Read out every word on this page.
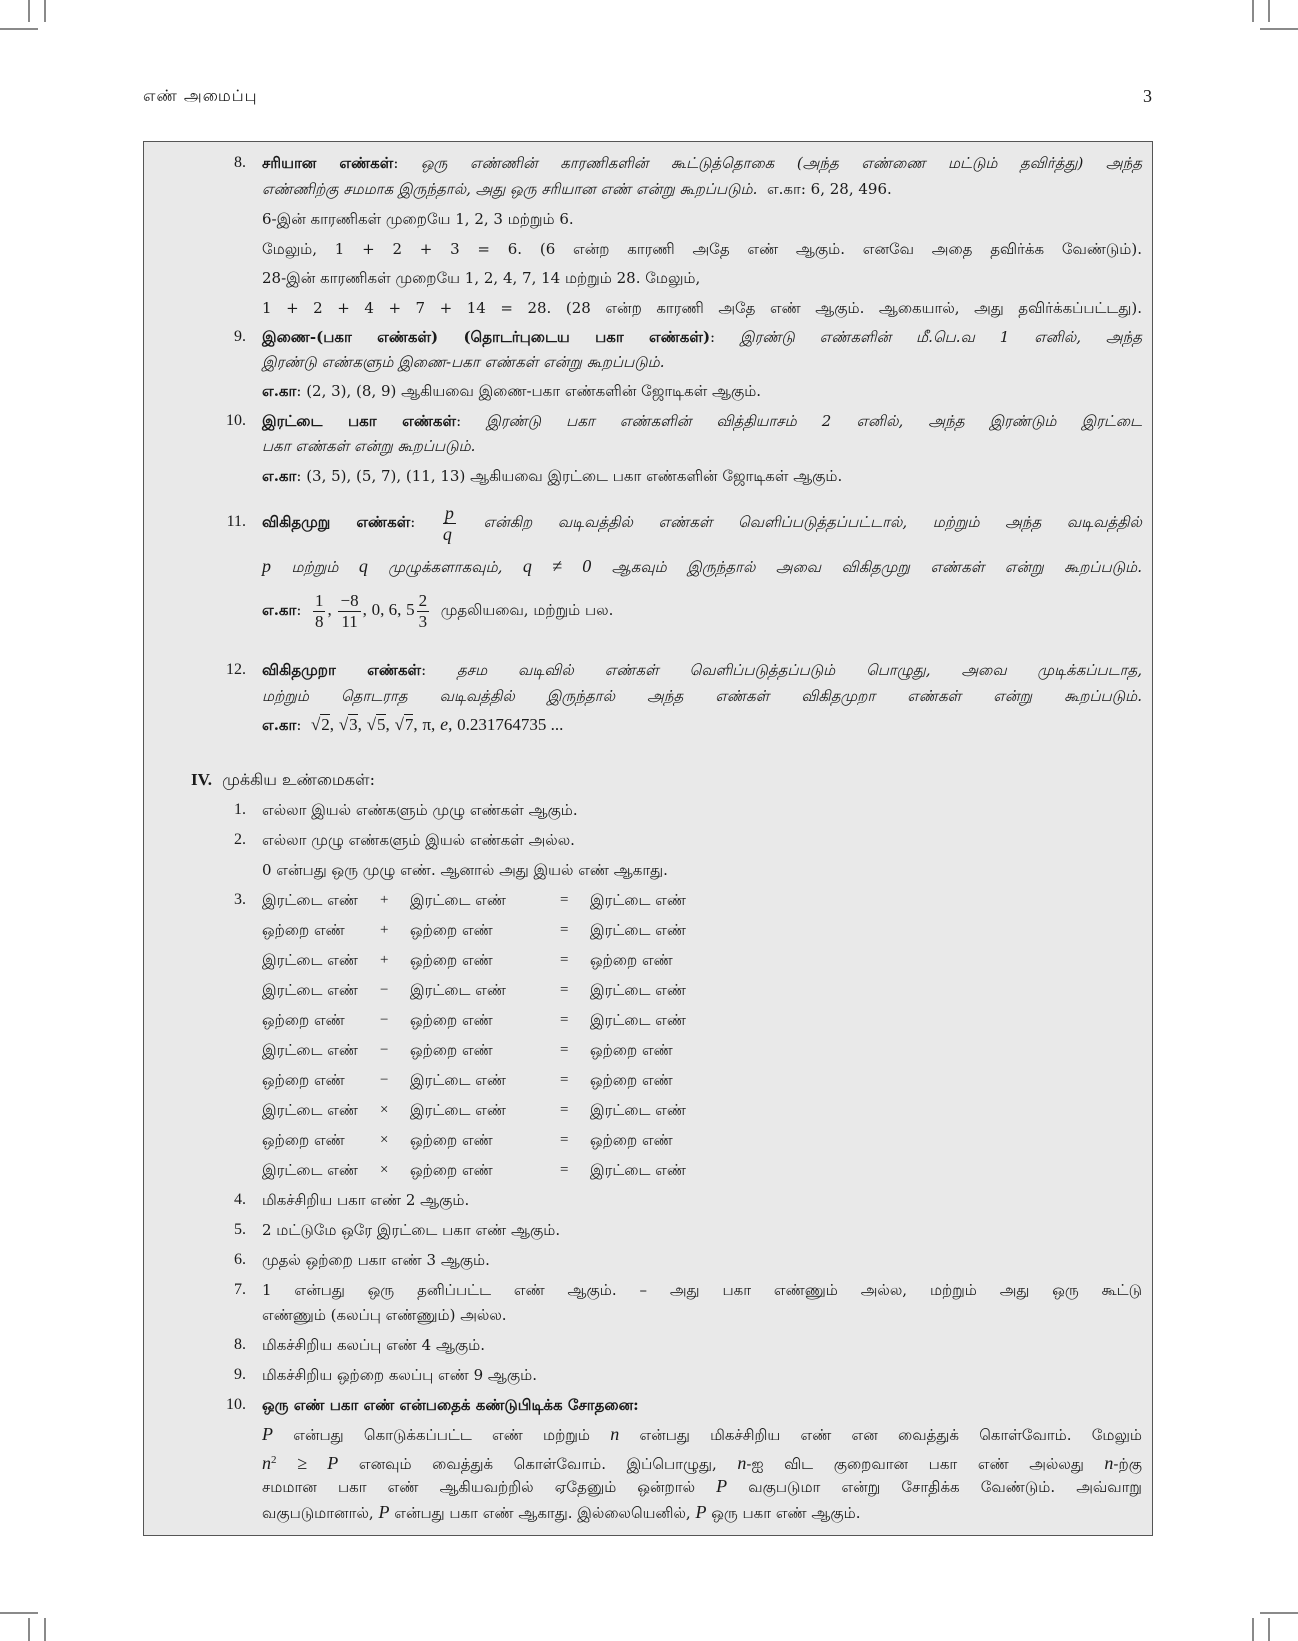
எண் அமைப்பு	3
8. சரியான எண்கள்: ஒரு எண்ணின் காரணிகளின் கூட்டுத்தொகை (அந்த எண்ணை மட்டும் தவிர்த்து) அந்த
எண்ணிற்கு சமமாக இருந்தால், அது ஒரு சரியான எண் என்று கூறப்படும். எ.கா: 6, 28, 496.
6-இன் காரணிகள் முறையே 1, 2, 3 மற்றும் 6.
மேலும், 1 + 2 + 3 = 6. (6 என்ற காரணி அதே எண் ஆகும். எனவே அதை தவிர்க்க வேண்டும்).
28-இன் காரணிகள் முறையே 1, 2, 4, 7, 14 மற்றும் 28. மேலும்,
1 + 2 + 4 + 7 + 14 = 28. (28 என்ற காரணி அதே எண் ஆகும். ஆகையால், அது தவிர்க்கப்பட்டது).
9. இணை-(பகா எண்கள்) (தொடர்புடைய பகா எண்கள்): இரண்டு எண்களின் மீ.பெ.வ 1 எனில், அந்த
இரண்டு எண்களும் இணை-பகா எண்கள் என்று கூறப்படும்.
எ.கா: (2, 3), (8, 9) ஆகியவை இணை-பகா எண்களின் ஜோடிகள் ஆகும்.
10. இரட்டை பகா எண்கள்: இரண்டு பகா எண்களின் வித்தியாசம் 2 எனில், அந்த இரண்டும் இரட்டை
பகா எண்கள் என்று கூறப்படும்.
எ.கா: (3, 5), (5, 7), (11, 13) ஆகியவை இரட்டை பகா எண்களின் ஜோடிகள் ஆகும்.
11. விகிதமுறு எண்கள்: $\frac{p}{q}$ என்கிற வடிவத்தில் எண்கள் வெளிப்படுத்தப்பட்டால், மற்றும் அந்த வடிவத்தில்
p மற்றும் q முழுக்களாகவும், q ≠ 0 ஆகவும் இருந்தால் அவை விகிதமுறு எண்கள் என்று கூறப்படும்.
எ.கா: $\frac{1}{8}$ , $\frac{-8}{11}$ , 0, 6, $5 \frac{2}{3}$ முதலியவை, மற்றும் பல.
12. விகிதமுறா எண்கள்: தசம வடிவில் எண்கள் வெளிப்படுத்தப்படும் பொழுது, அவை முடிக்கப்படாத,
மற்றும் தொடராத வடிவத்தில் இருந்தால் அந்த எண்கள் விகிதமுறா எண்கள் என்று கூறப்படும்.
எ.கா:  √2, √3, √5, √7, π, e, 0.231764735 ...
IV. முக்கிய உண்மைகள்:
1. எல்லா இயல் எண்களும் முழு எண்கள் ஆகும்.
2. எல்லா முழு எண்களும் இயல் எண்கள் அல்ல.
0 என்பது ஒரு முழு எண். ஆனால் அது இயல் எண் ஆகாது.
3. இரட்டை எண் + இரட்டை எண்	= இரட்டை எண்
ஒற்றை எண் + ஒற்றை எண்	= இரட்டை எண்
இரட்டை எண் + ஒற்றை எண்	= ஒற்றை எண்
இரட்டை எண் − இரட்டை எண்	= இரட்டை எண்
ஒற்றை எண் − ஒற்றை எண்	= இரட்டை எண்
இரட்டை எண் − ஒற்றை எண்	= ஒற்றை எண்
ஒற்றை எண் − இரட்டை எண்	= ஒற்றை எண்
இரட்டை எண் × இரட்டை எண்	= இரட்டை எண்
ஒற்றை எண் × ஒற்றை எண்	= ஒற்றை எண்
இரட்டை எண் × ஒற்றை எண்	= இரட்டை எண்
4. மிகச்சிறிய பகா எண் 2 ஆகும்.
5. 2 மட்டுமே ஒரே இரட்டை பகா எண் ஆகும்.
6. முதல் ஒற்றை பகா எண் 3 ஆகும்.
7. 1 என்பது ஒரு தனிப்பட்ட எண் ஆகும். – அது பகா எண்ணும் அல்ல, மற்றும் அது ஒரு கூட்டு
எண்ணும் (கலப்பு எண்ணும்) அல்ல.
8. மிகச்சிறிய கலப்பு எண் 4 ஆகும்.
9. மிகச்சிறிய ஒற்றை கலப்பு எண் 9 ஆகும்.
10. ஒரு எண் பகா எண் என்பதைக் கண்டுபிடிக்க சோதனை:
P என்பது கொடுக்கப்பட்ட எண் மற்றும் n என்பது மிகச்சிறிய எண் என வைத்துக் கொள்வோம். மேலும்
$n^2 \ge P$ எனவும் வைத்துக் கொள்வோம். இப்பொழுது, n-ஐ விட குறைவான பகா எண் அல்லது n-ற்கு
சமமான பகா எண் ஆகியவற்றில் ஏதேனும் ஒன்றால் P வகுபடுமா என்று சோதிக்க வேண்டும். அவ்வாறு
வகுபடுமானால், P என்பது பகா எண் ஆகாது. இல்லையெனில், P ஒரு பகா எண் ஆகும்.
